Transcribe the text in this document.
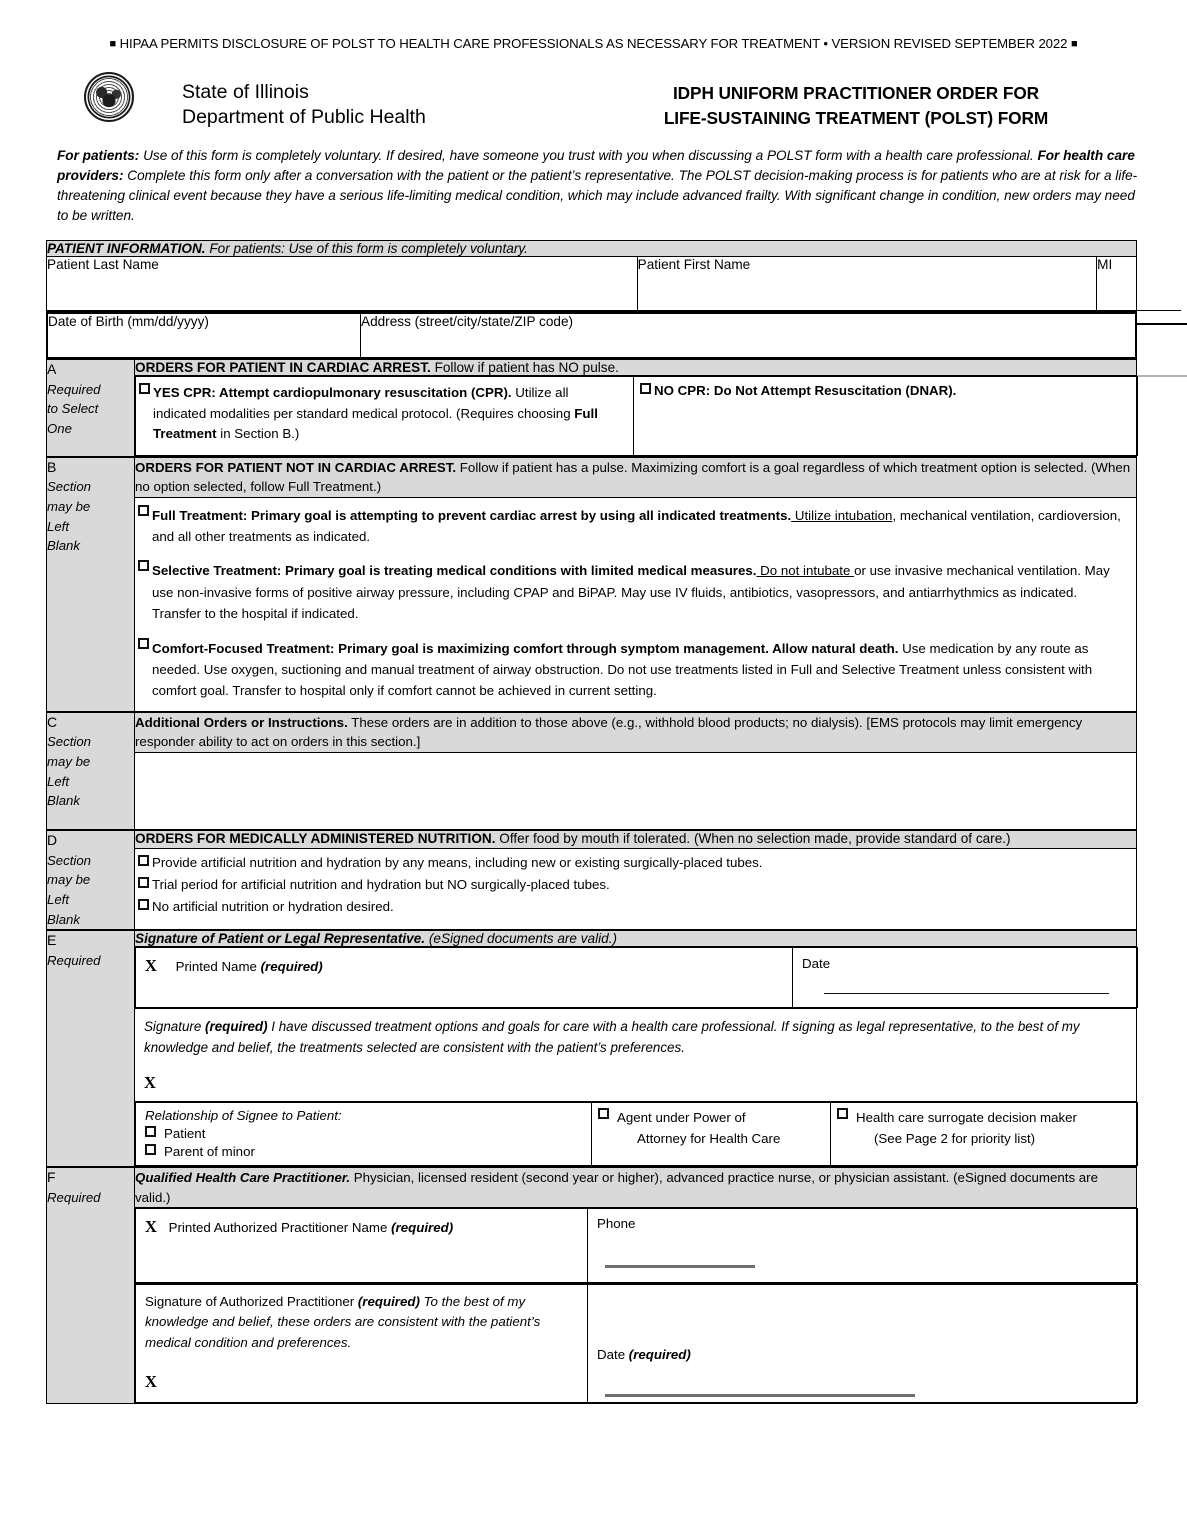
■ HIPAA PERMITS DISCLOSURE OF POLST TO HEALTH CARE PROFESSIONALS AS NECESSARY FOR TREATMENT • VERSION REVISED SEPTEMBER 2022 ■
State of Illinois
Department of Public Health
IDPH UNIFORM PRACTITIONER ORDER FOR
LIFE-SUSTAINING TREATMENT (POLST) FORM
For patients: Use of this form is completely voluntary. If desired, have someone you trust with you when discussing a POLST form with a health care professional. For health care providers: Complete this form only after a conversation with the patient or the patient’s representative. The POLST decision-making process is for patients who are at risk for a life-threatening clinical event because they have a serious life-limiting medical condition, which may include advanced frailty. With significant change in condition, new orders may need to be written.
PATIENT INFORMATION. For patients: Use of this form is completely voluntary.

Patient Last Name		Patient First Name	MI

Date of Birth (mm/dd/yyyy)	Address (street/city/state/ZIP code)

A
Required
to Select
One
	ORDERS FOR PATIENT IN CARDIAC ARREST. Follow if patient has NO pulse.

YES CPR: Attempt cardiopulmonary resuscitation (CPR). Utilize all indicated modalities per standard medical protocol. (Requires choosing Full Treatment in Section B.)

NO CPR: Do Not Attempt Resuscitation (DNAR).

B
Section
may be
Left
Blank
	ORDERS FOR PATIENT NOT IN CARDIAC ARREST. Follow if patient has a pulse. Maximizing comfort is a goal regardless of which treatment option is selected. (When no option selected, follow Full Treatment.)

Full Treatment: Primary goal is attempting to prevent cardiac arrest by using all indicated treatments. Utilize intubation, mechanical ventilation, cardioversion, and all other treatments as indicated.
Selective Treatment: Primary goal is treating medical conditions with limited medical measures. Do not intubate or use invasive mechanical ventilation. May use non-invasive forms of positive airway pressure, including CPAP and BiPAP. May use IV fluids, antibiotics, vasopressors, and antiarrhythmics as indicated. Transfer to the hospital if indicated.
Comfort-Focused Treatment: Primary goal is maximizing comfort through symptom management. Allow natural death. Use medication by any route as needed. Use oxygen, suctioning and manual treatment of airway obstruction. Do not use treatments listed in Full and Selective Treatment unless consistent with comfort goal. Transfer to hospital only if comfort cannot be achieved in current setting.

C
Section
may be
Left
Blank
	Additional Orders or Instructions. These orders are in addition to those above (e.g., withhold blood products; no dialysis). [EMS protocols may limit emergency responder ability to act on orders in this section.]

D
Section
may be
Left
Blank
	ORDERS FOR MEDICALLY ADMINISTERED NUTRITION. Offer food by mouth if tolerated. (When no selection made, provide standard of care.)

Provide artificial nutrition and hydration by any means, including new or existing surgically-placed tubes.
Trial period for artificial nutrition and hydration but NO surgically-placed tubes.
No artificial nutrition or hydration desired.

E
Required
	Signature of Patient or Legal Representative. (eSigned documents are valid.)

X Printed Name (required)	Date

Signature (required) I have discussed treatment options and goals for care with a health care professional. If signing as legal representative, to the best of my knowledge and belief, the treatments selected are consistent with the patient’s preferences.
X

Relationship of Signee to Patient:
Patient
Parent of minor

Agent under Power of
Attorney for Health Care

Health care surrogate decision maker
(See Page 2 for priority list)

F
Required
	Qualified Health Care Practitioner. Physician, licensed resident (second year or higher), advanced practice nurse, or physician assistant. (eSigned documents are valid.)

X Printed Authorized Practitioner Name (required)	Phone

Signature of Authorized Practitioner (required) To the best of my knowledge and belief, these orders are consistent with the patient’s medical condition and preferences.
X

Date (required)
